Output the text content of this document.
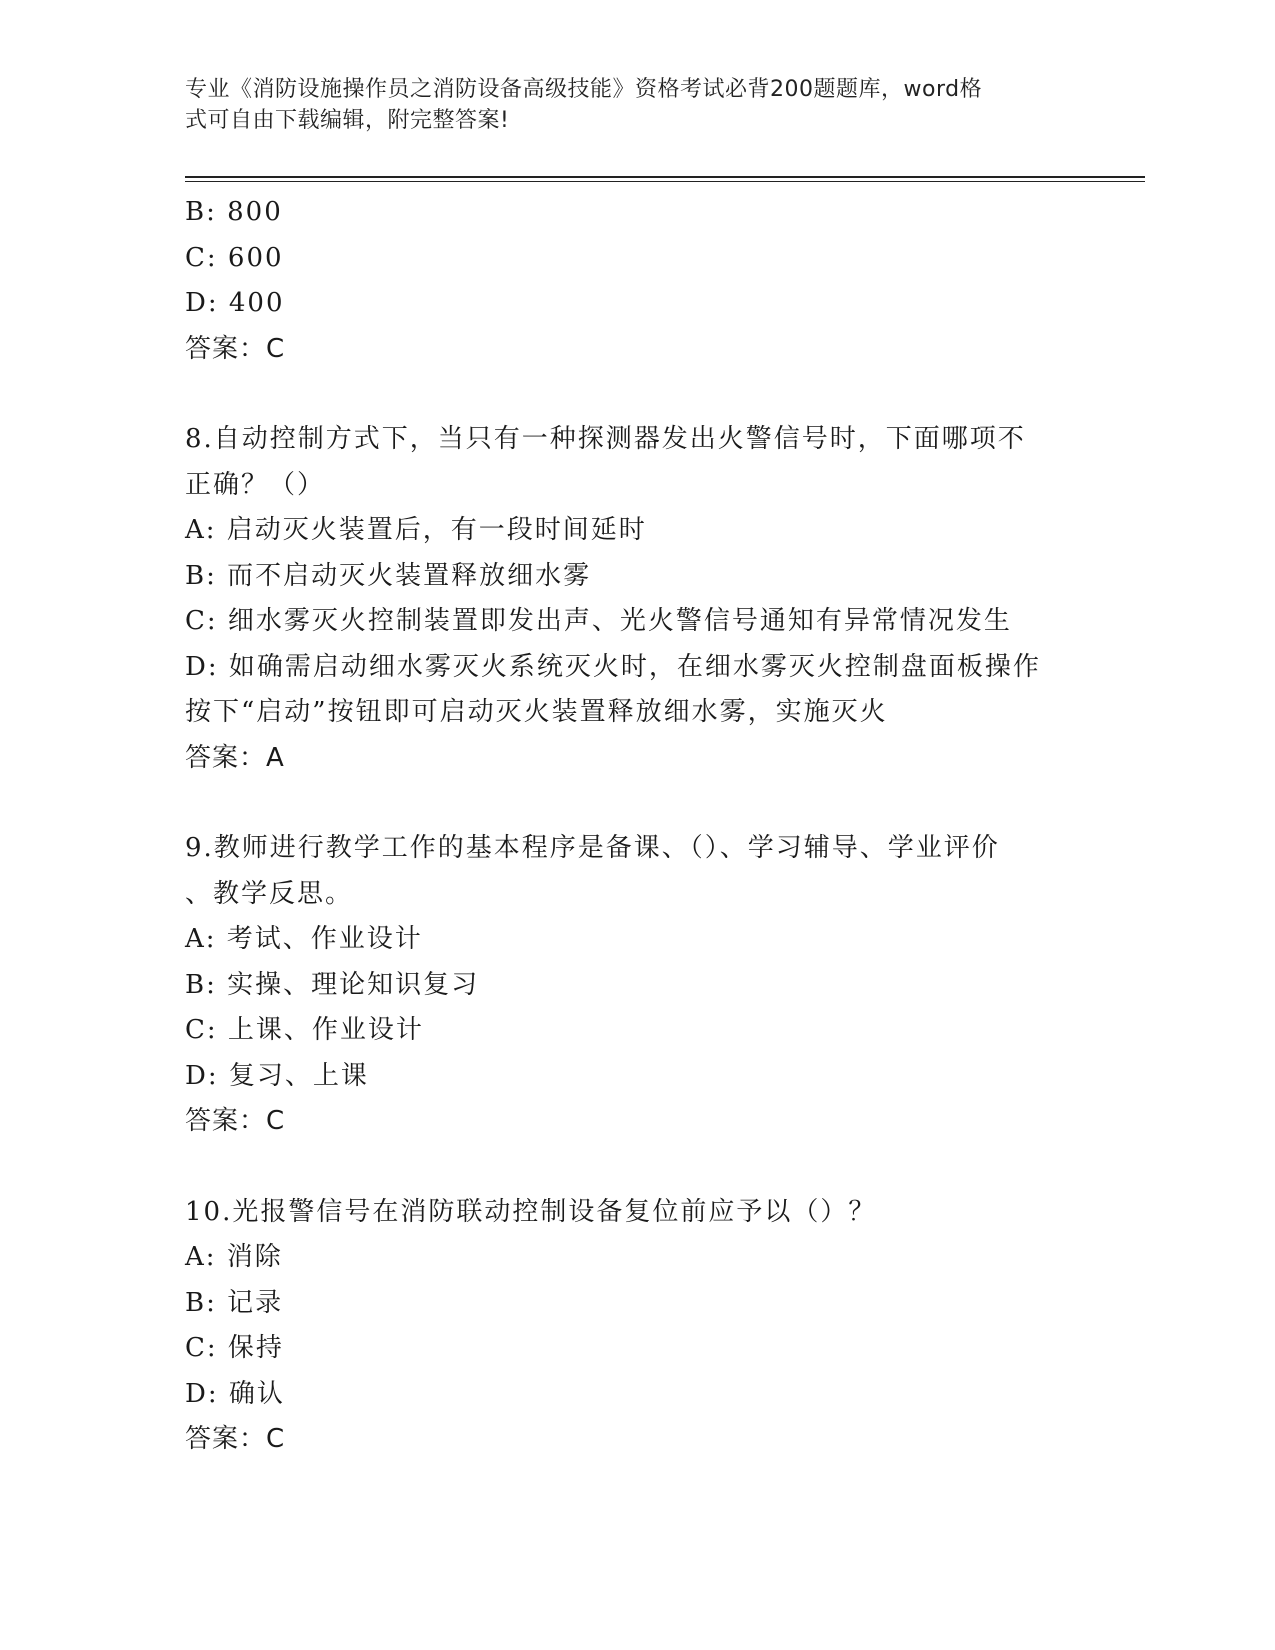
专业《消防设施操作员之消防设备高级技能》资格考试必背200题题库，word格
式可自由下载编辑，附完整答案!
B: 800
C: 600
D: 400
答案：C
8.自动控制方式下，当只有一种探测器发出火警信号时，下面哪项不
正确？（）
A: 启动灭火装置后，有一段时间延时
B: 而不启动灭火装置释放细水雾
C: 细水雾灭火控制装置即发出声、光火警信号通知有异常情况发生
D: 如确需启动细水雾灭火系统灭火时，在细水雾灭火控制盘面板操作
按下“启动”按钮即可启动灭火装置释放细水雾，实施灭火
答案：A
9.教师进行教学工作的基本程序是备课、（）、学习辅导、学业评价
、教学反思。
A: 考试、作业设计
B: 实操、理论知识复习
C: 上课、作业设计
D: 复习、上课
答案：C
10.光报警信号在消防联动控制设备复位前应予以（）？
A: 消除
B: 记录
C: 保持
D: 确认
答案：C
